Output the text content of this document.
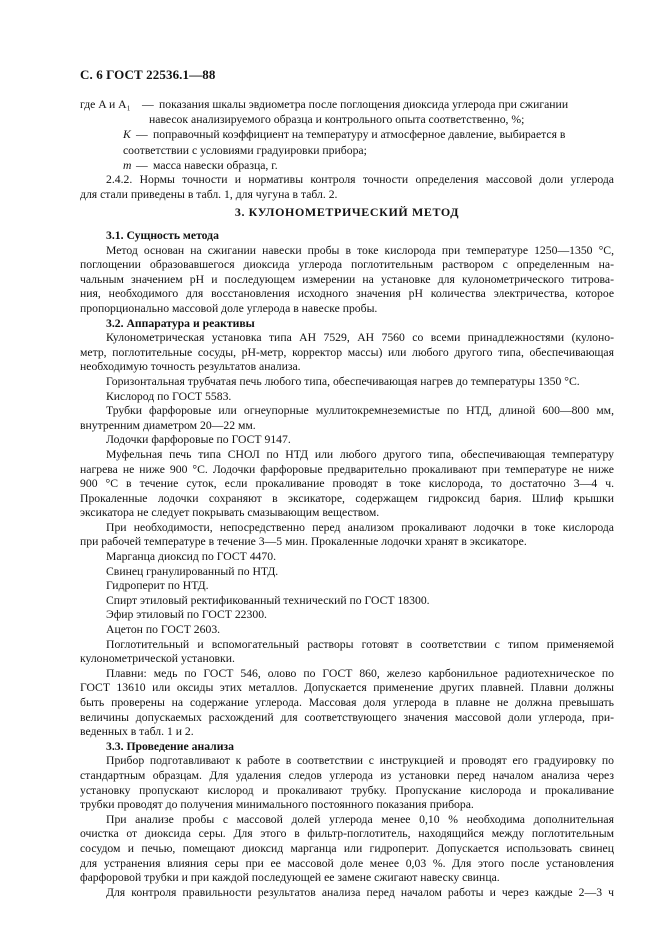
С. 6 ГОСТ 22536.1—88
где A и A₁ — показания шкалы эвдиометра после поглощения диоксида углерода при сжигании
навесок анализируемого образца и контрольного опыта соответственно, %;
K — поправочный коэффициент на температуру и атмосферное давление, выбирается в
соответствии с условиями градуировки прибора;
m — масса навески образца, г.
2.4.2. Нормы точности и нормативы контроля точности определения массовой доли углерода
для стали приведены в табл. 1, для чугуна в табл. 2.
3. КУЛОНОМЕТРИЧЕСКИЙ МЕТОД
3.1. Сущность метода
Метод основан на сжигании навески пробы в токе кислорода при температуре 1250—1350 °С,
поглощении образовавшегося диоксида углерода поглотительным раствором с определенным на-
чальным значением pH и последующем измерении на установке для кулонометрического титрова-
ния, необходимого для восстановления исходного значения pH количества электричества, которое
пропорционально массовой доле углерода в навеске пробы.
3.2. Аппаратура и реактивы
Кулонометрическая установка типа АН 7529, АН 7560 со всеми принадлежностями (кулоно-
метр, поглотительные сосуды, pH-метр, корректор массы) или любого другого типа, обеспечивающая
необходимую точность результатов анализа.
Горизонтальная трубчатая печь любого типа, обеспечивающая нагрев до температуры 1350 °С.
Кислород по ГОСТ 5583.
Трубки фарфоровые или огнеупорные муллитокремнеземистые по НТД, длиной 600—800 мм,
внутренним диаметром 20—22 мм.
Лодочки фарфоровые по ГОСТ 9147.
Муфельная печь типа СНОЛ по НТД или любого другого типа, обеспечивающая температуру
нагрева не ниже 900 °С. Лодочки фарфоровые предварительно прокаливают при температуре не ниже
900 °С в течение суток, если прокаливание проводят в токе кислорода, то достаточно 3—4 ч.
Прокаленные лодочки сохраняют в эксикаторе, содержащем гидроксид бария. Шлиф крышки
эксикатора не следует покрывать смазывающим веществом.
При необходимости, непосредственно перед анализом прокаливают лодочки в токе кислорода
при рабочей температуре в течение 3—5 мин. Прокаленные лодочки хранят в эксикаторе.
Марганца диоксид по ГОСТ 4470.
Свинец гранулированный по НТД.
Гидроперит по НТД.
Спирт этиловый ректификованный технический по ГОСТ 18300.
Эфир этиловый по ГОСТ 22300.
Ацетон по ГОСТ 2603.
Поглотительный и вспомогательный растворы готовят в соответствии с типом применяемой
кулонометрической установки.
Плавни: медь по ГОСТ 546, олово по ГОСТ 860, железо карбонильное радиотехническое по
ГОСТ 13610 или оксиды этих металлов. Допускается применение других плавней. Плавни должны
быть проверены на содержание углерода. Массовая доля углерода в плавне не должна превышать
величины допускаемых расхождений для соответствующего значения массовой доли углерода, при-
веденных в табл. 1 и 2.
3.3. Проведение анализа
Прибор подготавливают к работе в соответствии с инструкцией и проводят его градуировку по
стандартным образцам. Для удаления следов углерода из установки перед началом анализа через
установку пропускают кислород и прокаливают трубку. Пропускание кислорода и прокаливание
трубки проводят до получения минимального постоянного показания прибора.
При анализе пробы с массовой долей углерода менее 0,10 % необходима дополнительная
очистка от диоксида серы. Для этого в фильтр-поглотитель, находящийся между поглотительным
сосудом и печью, помещают диоксид марганца или гидроперит. Допускается использовать свинец
для устранения влияния серы при ее массовой доле менее 0,03 %. Для этого после установления
фарфоровой трубки и при каждой последующей ее замене сжигают навеску свинца.
Для контроля правильности результатов анализа перед началом работы и через каждые 2—3 ч
